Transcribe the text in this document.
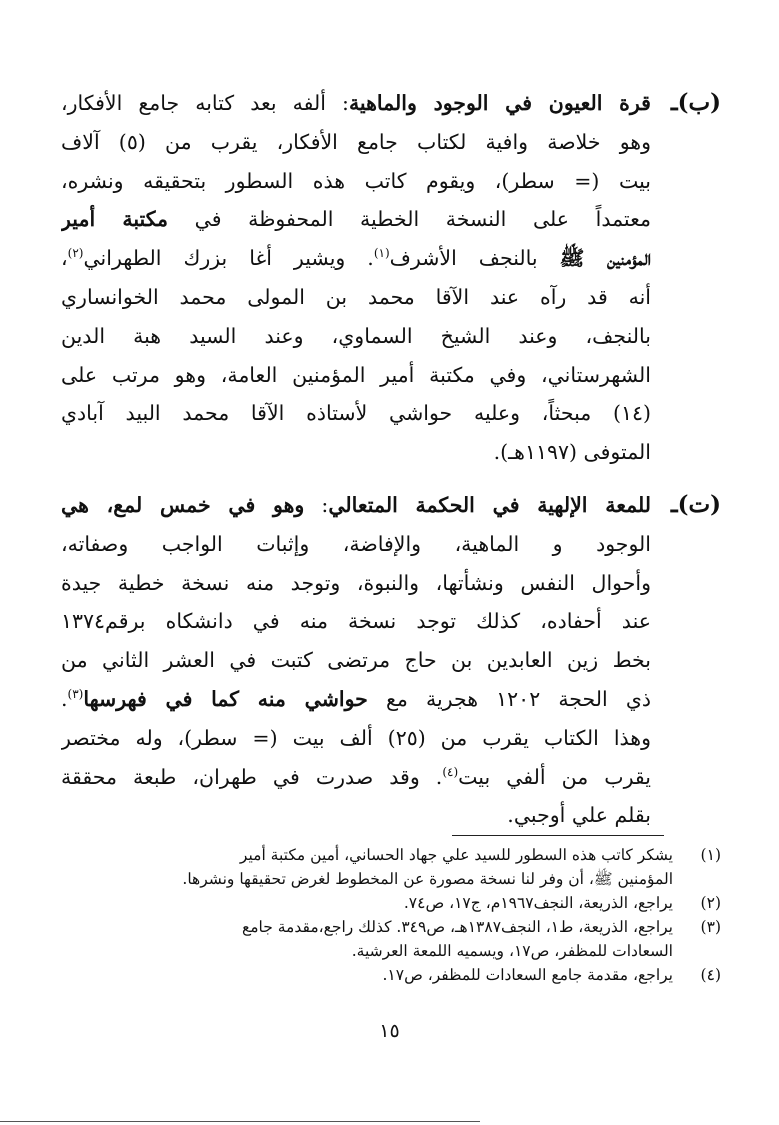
(ب)ـ
قرة العيون في الوجود والماهية: ألفه بعد كتابه جامع الأفكار،
وهو خلاصة وافية لكتاب جامع الأفكار، يقرب من (٥) آلاف
بيت (= سطر)، ويقوم كاتب هذه السطور بتحقيقه ونشره،
معتمداً على النسخة الخطية المحفوظة في مكتبة أمير
المؤمنين ﷺ بالنجف الأشرف$^{(١)}$. ويشير أغا بزرك الطهراني$^{(٢)}$،
أنه قد رآه عند الآقا محمد بن المولى محمد الخوانساري
بالنجف، وعند الشيخ السماوي، وعند السيد هبة الدين
الشهرستاني، وفي مكتبة أمير المؤمنين العامة، وهو مرتب على
(١٤) مبحثاً، وعليه حواشي لأستاذه الآقا محمد البيد آبادي
المتوفى (١١٩٧هـ).
(ت)ـ
للمعة الإلهية في الحكمة المتعالي: وهو في خمس لمع، هي
الوجود و الماهية، والإفاضة، وإثبات الواجب وصفاته،
وأحوال النفس ونشأتها، والنبوة، وتوجد منه نسخة خطية جيدة
عند أحفاده، كذلك توجد نسخة منه في دانشكاه برقم١٣٧٤
بخط زين العابدين بن حاج مرتضى كتبت في العشر الثاني من
ذي الحجة ١٢٠٢ هجرية مع حواشي منه كما في فهرسها$^{(٣)}$.
وهذا الكتاب يقرب من (٢٥) ألف بيت (= سطر)، وله مختصر
يقرب من ألفي بيت$^{(٤)}$. وقد صدرت في طهران، طبعة محققة
بقلم علي أوجبي.
(١)
يشكر كاتب هذه السطور للسيد علي جهاد الحساني، أمين مكتبة أمير
المؤمنين ﷺ، أن وفر لنا نسخة مصورة عن المخطوط لغرض تحقيقها ونشرها.
(٢)
يراجع، الذريعة، النجف١٩٦٧م، ج١٧، ص٧٤.
(٣)
يراجع، الذريعة، ط١، النجف١٣٨٧هـ، ص٣٤٩. كذلك راجع،مقدمة جامع
السعادات للمظفر، ص١٧، ويسميه اللمعة العرشية.
(٤)
يراجع، مقدمة جامع السعادات للمظفر، ص١٧.
١٥
